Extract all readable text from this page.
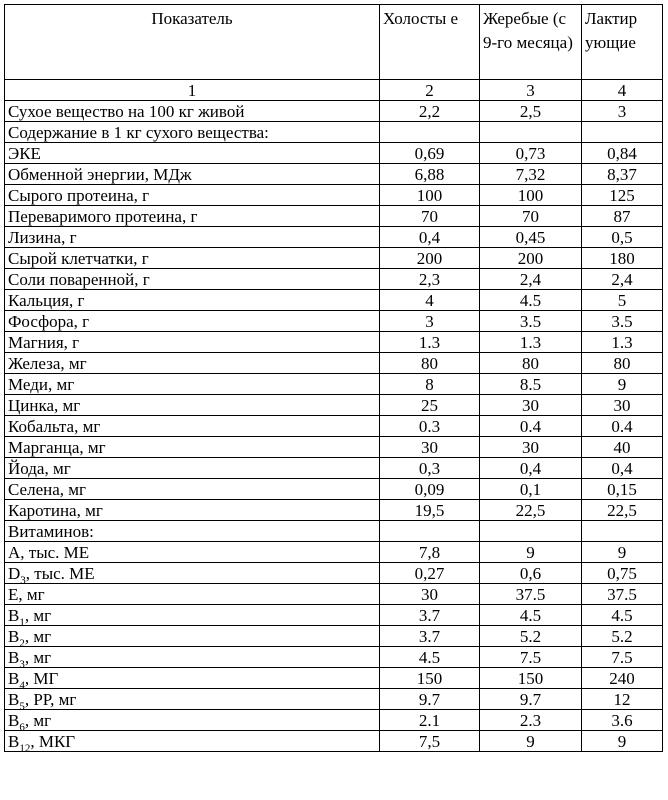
Показатель	Холосты е	Жеребые (с 9-го месяца)	Лактир ующие
1	2	3	4
Сухое вещество на 100 кг живой	2,2	2,5	3
Содержание в 1 кг сухого вещества:			
ЭКЕ	0,69	0,73	0,84
Обменной энергии, МДж	6,88	7,32	8,37
Сырого протеина, г	100	100	125
Переваримого протеина, г	70	70	87
Лизина, г	0,4	0,45	0,5
Сырой клетчатки, г	200	200	180
Соли поваренной, г	2,3	2,4	2,4
Кальция, г	4	4.5	5
Фосфора, г	3	3.5	3.5
Магния, г	1.3	1.3	1.3
Железа, мг	80	80	80
Меди, мг	8	8.5	9
Цинка, мг	25	30	30
Кобальта, мг	0.3	0.4	0.4
Марганца, мг	30	30	40
Йода, мг	0,3	0,4	0,4
Селена, мг	0,09	0,1	0,15
Каротина, мг	19,5	22,5	22,5
Витаминов:			
А, тыс. МЕ	7,8	9	9
$D_3$, тыс. МЕ	0,27	0,6	0,75
Е, мг	30	37.5	37.5
$В_1$, мг	3.7	4.5	4.5
$В_2$, мг	3.7	5.2	5.2
$В_3$, мг	4.5	7.5	7.5
$В_4$, МГ	150	150	240
$В_5$, РР, мг	9.7	9.7	12
$В_6$, мг	2.1	2.3	3.6
$В_{12}$, МКГ	7,5	9	9
